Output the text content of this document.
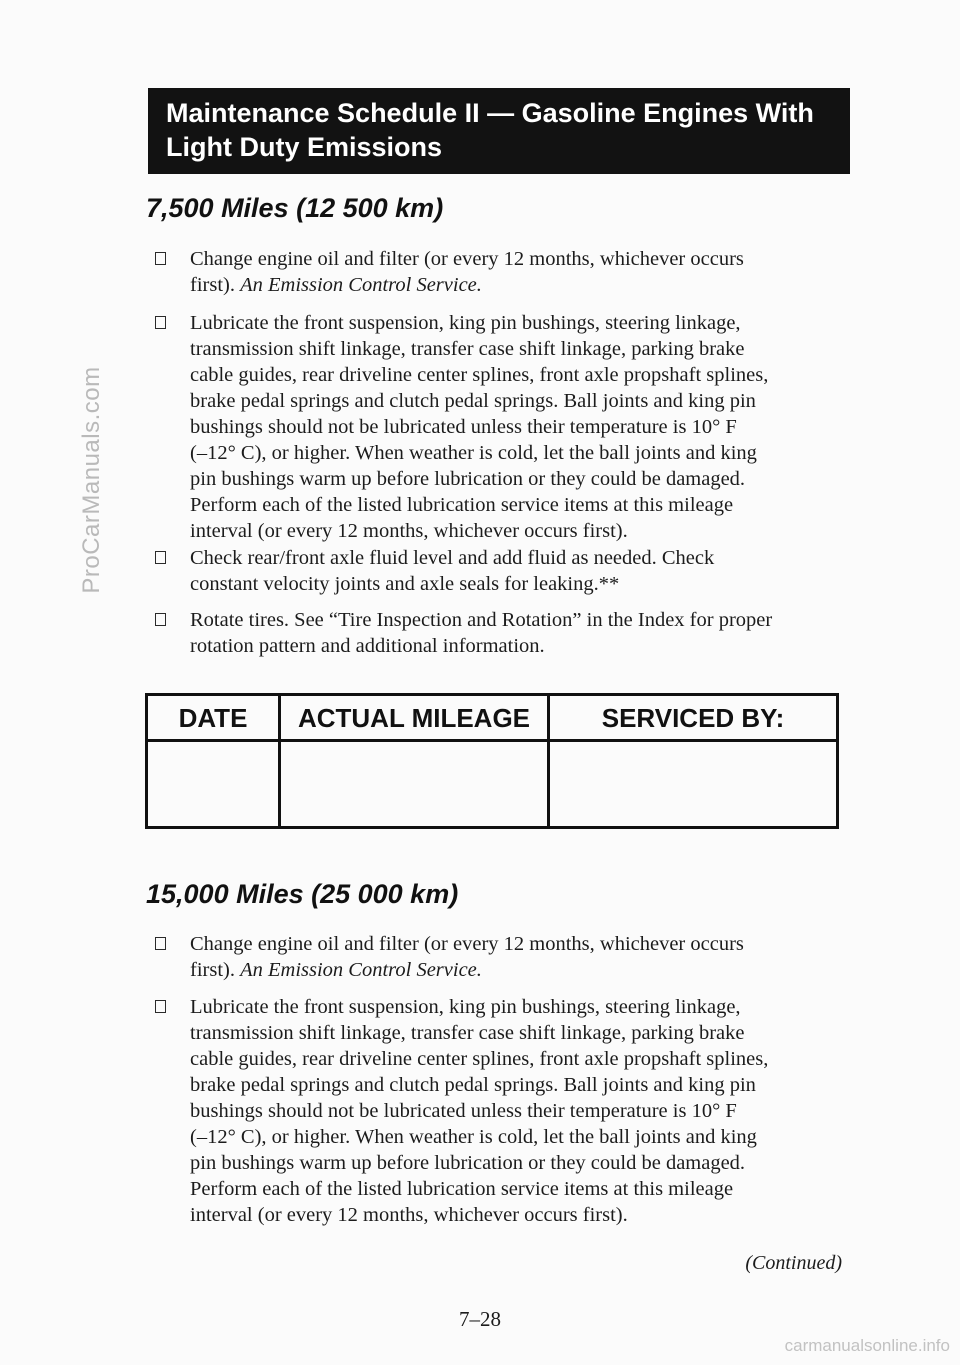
ProCarManuals.com
Maintenance Schedule II — Gasoline Engines With
Light Duty Emissions
7,500 Miles (12 500 km)
Change engine oil and filter (or every 12 months, whichever occurs
first). An Emission Control Service.
Lubricate the front suspension, king pin bushings, steering linkage,
transmission shift linkage, transfer case shift linkage, parking brake
cable guides, rear driveline center splines, front axle propshaft splines,
brake pedal springs and clutch pedal springs. Ball joints and king pin
bushings should not be lubricated unless their temperature is 10° F
(–12° C), or higher. When weather is cold, let the ball joints and king
pin bushings warm up before lubrication or they could be damaged.
Perform each of the listed lubrication service items at this mileage
interval (or every 12 months, whichever occurs first).
Check rear/front axle fluid level and add fluid as needed. Check
constant velocity joints and axle seals for leaking.**
Rotate tires. See “Tire Inspection and Rotation” in the Index for proper
rotation pattern and additional information.
DATE	ACTUAL MILEAGE	SERVICED BY:
15,000 Miles (25 000 km)
Change engine oil and filter (or every 12 months, whichever occurs
first). An Emission Control Service.
Lubricate the front suspension, king pin bushings, steering linkage,
transmission shift linkage, transfer case shift linkage, parking brake
cable guides, rear driveline center splines, front axle propshaft splines,
brake pedal springs and clutch pedal springs. Ball joints and king pin
bushings should not be lubricated unless their temperature is 10° F
(–12° C), or higher. When weather is cold, let the ball joints and king
pin bushings warm up before lubrication or they could be damaged.
Perform each of the listed lubrication service items at this mileage
interval (or every 12 months, whichever occurs first).
(Continued)
7–28
carmanualsonline.info
